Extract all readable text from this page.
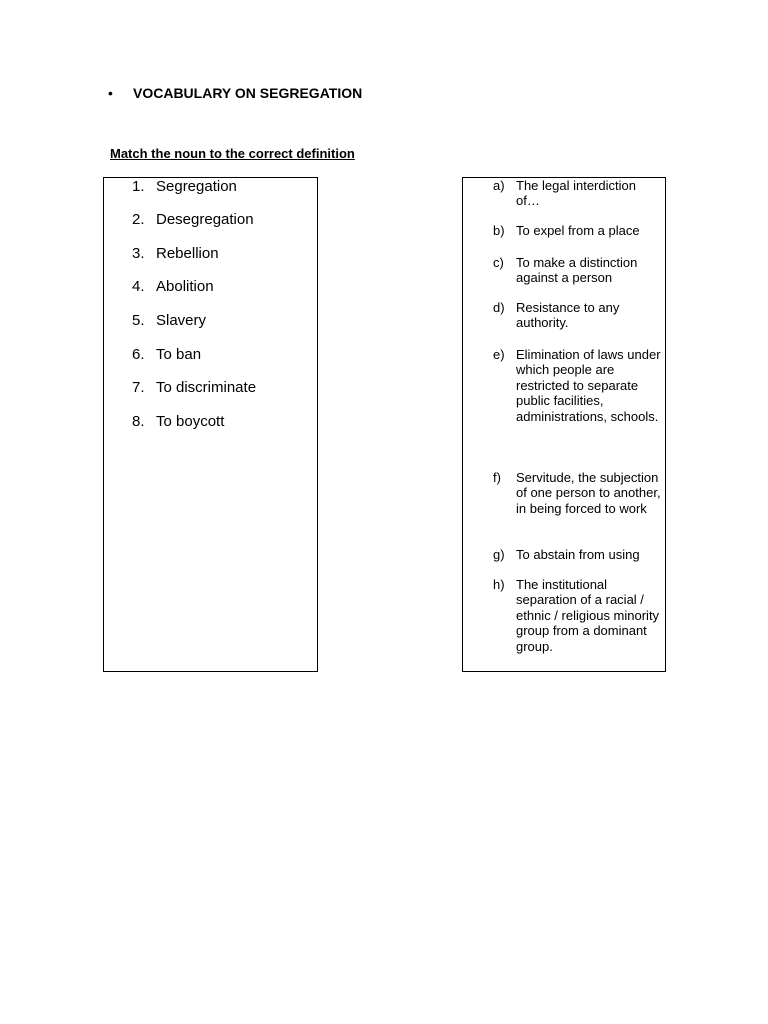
• VOCABULARY ON SEGREGATION
Match the noun to the correct definition
1. Segregation
2. Desegregation
3. Rebellion
4. Abolition
5. Slavery
6. To ban
7. To discriminate
8. To boycott
a) The legal interdiction of…
b) To expel from a place
c) To make a distinction against a person
d) Resistance to any authority.
e) Elimination of laws under which people are restricted to separate public facilities, administrations, schools.
f)	Servitude, the subjection of one person to another, in being forced to work
g) To abstain from using
h) The institutional separation of a racial / ethnic / religious minority group from a dominant group.
